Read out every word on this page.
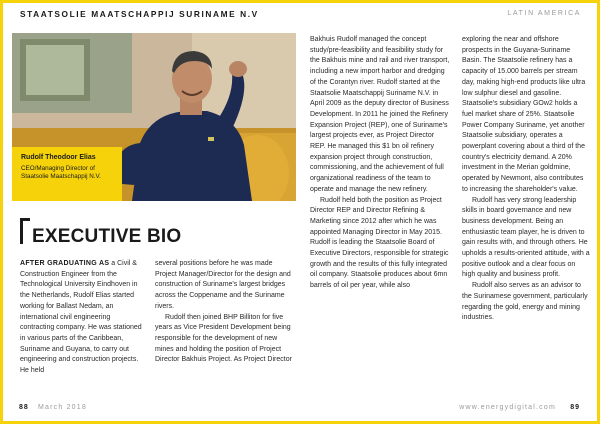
STAATSOLIE MAATSCHAPPIJ SURINAME N.V	LATIN AMERICA
Rudolf Theodoor Elias
CEO/Managing Director of Staatsolie Maatschappij N.V.
EXECUTIVE BIO

AFTER GRADUATING AS a Civil & Construction Engineer from the Technological University Eindhoven in the Netherlands, Rudolf Elias started working for Ballast Nedam, an international civil engineering contracting company. He was stationed in various parts of the Caribbean, Suriname and Guyana, to carry out engineering and construction projects. He held

several positions before he was made Project Manager/Director for the design and construction of Suriname's largest bridges across the Coppename and the Suriname rivers.

Rudolf then joined BHP Billiton for five years as Vice President Development being responsible for the development of new mines and holding the position of Project Director Bakhuis Project. As Project Director

Bakhuis Rudolf managed the concept study/pre-feasibility and feasibility study for the Bakhuis mine and rail and river transport, including a new import harbor and dredging of the Corantyn river. Rudolf started at the Staatsolie Maatschappij Suriname N.V. in April 2009 as the deputy director of Business Development. In 2011 he joined the Refinery Expansion Project (REP), one of Suriname's largest projects ever, as Project Director REP. He managed this $1 bn oil refinery expansion project through construction, commissioning, and the achievement of full organizational readiness of the team to operate and manage the new refinery.

Rudolf held both the position as Project Director REP and Director Refining & Marketing since 2012 after which he was appointed Managing Director in May 2015. Rudolf is leading the Staatsolie Board of Executive Directors, responsible for strategic growth and the results of this fully integrated oil company. Staatsolie produces about 6mn barrels of oil per year, while also

exploring the near and offshore prospects in the Guyana-Suriname Basin. The Staatsolie refinery has a capacity of 15.000 barrels per stream day, making high-end products like ultra low sulphur diesel and gasoline. Staatsolie's subsidiary GOw2 holds a fuel market share of 25%. Staatsolie Power Company Suriname, yet another Staatsolie subsidiary, operates a powerplant covering about a third of the country's electricity demand. A 20% investment in the Merian goldmine, operated by Newmont, also contributes to increasing the shareholder's value.

Rudolf has very strong leadership skills in board governance and new business development. Being an enthusiastic team player, he is driven to gain results with, and through others. He upholds a results-oriented attitude, with a positive outlook and a clear focus on high quality and business profit.

Rudolf also serves as an advisor to the Surinamese government, particularly regarding the gold, energy and mining industries.

88 March 2018	www.energydigital.com 89
